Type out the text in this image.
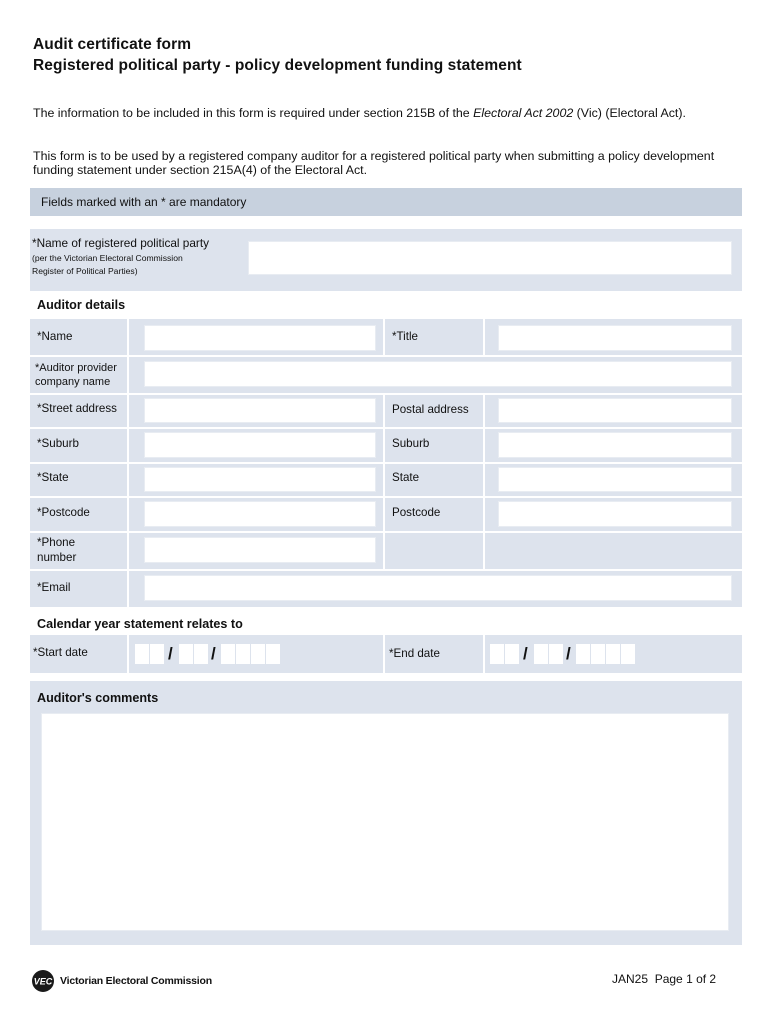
Audit certificate form
Registered political party - policy development funding statement
The information to be included in this form is required under section 215B of the Electoral Act 2002 (Vic) (Electoral Act).
This form is to be used by a registered company auditor for a registered political party when submitting a policy development funding statement under section 215A(4) of the Electoral Act.
Fields marked with an * are mandatory
*Name of registered political party
(per the Victorian Electoral Commission
Register of Political Parties)
Auditor details
*Name	*Title
*Auditor provider
company name
*Street address	Postal address
*Suburb	Suburb
*State	State
*Postcode	Postcode
*Phone
number
*Email
Calendar year statement relates to
*Start date	/ /	*End date	/ /
Auditor's comments
VEC Victorian Electoral Commission	JAN25 Page 1 of 2
